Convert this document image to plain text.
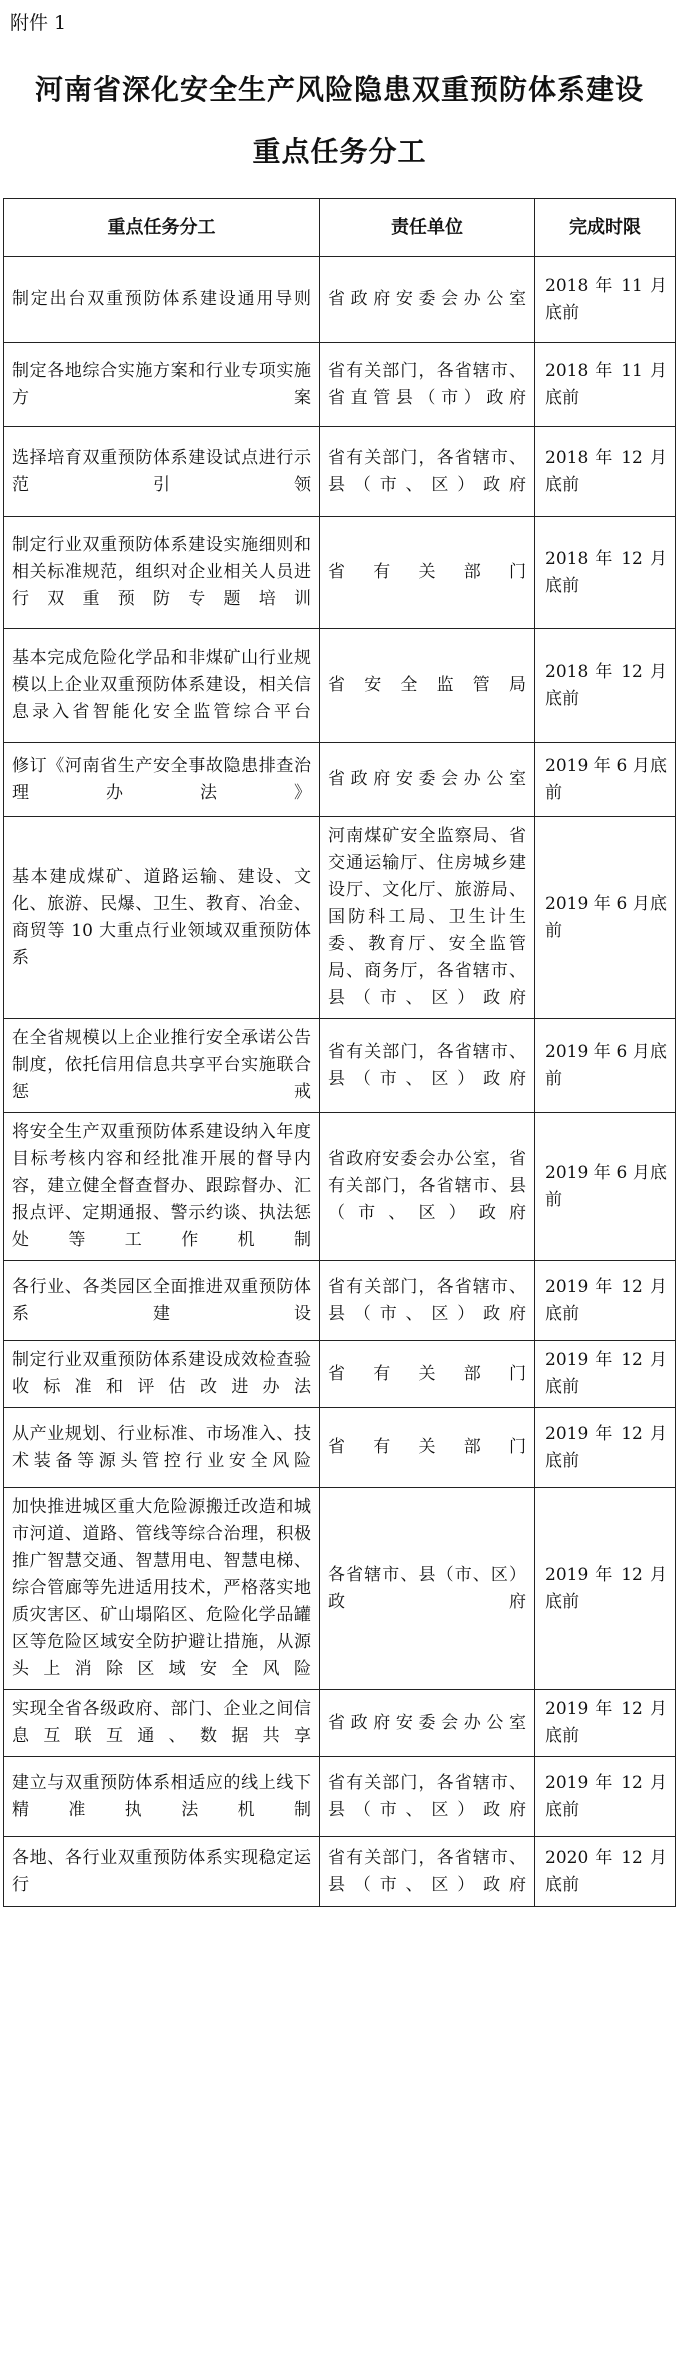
附件 1
河南省深化安全生产风险隐患双重预防体系建设
重点任务分工
重点任务分工	责任单位	完成时限
制定出台双重预防体系建设通用导则	省政府安委会办公室	2018 年 11 月底前
制定各地综合实施方案和行业专项实施方案	省有关部门，各省辖市、省直管县（市）政府	2018 年 11 月底前
选择培育双重预防体系建设试点进行示范引领	省有关部门，各省辖市、县（市、区）政府	2018 年 12 月底前
制定行业双重预防体系建设实施细则和相关标准规范，组织对企业相关人员进行双重预防专题培训	省有关部门	2018 年 12 月底前
基本完成危险化学品和非煤矿山行业规模以上企业双重预防体系建设，相关信息录入省智能化安全监管综合平台	省安全监管局	2018 年 12 月底前
修订《河南省生产安全事故隐患排查治理办法》	省政府安委会办公室	2019 年 6 月底前
基本建成煤矿、道路运输、建设、文化、旅游、民爆、卫生、教育、冶金、商贸等 10 大重点行业领域双重预防体系	河南煤矿安全监察局、省交通运输厅、住房城乡建设厅、文化厅、旅游局、国防科工局、卫生计生委、教育厅、安全监管局、商务厅，各省辖市、县（市、区）政府	2019 年 6 月底前
在全省规模以上企业推行安全承诺公告制度，依托信用信息共享平台实施联合惩戒	省有关部门，各省辖市、县（市、区）政府	2019 年 6 月底前
将安全生产双重预防体系建设纳入年度目标考核内容和经批准开展的督导内容，建立健全督查督办、跟踪督办、汇报点评、定期通报、警示约谈、执法惩处等工作机制	省政府安委会办公室，省有关部门，各省辖市、县（市、区）政府	2019 年 6 月底前
各行业、各类园区全面推进双重预防体系建设	省有关部门，各省辖市、县（市、区）政府	2019 年 12 月底前
制定行业双重预防体系建设成效检查验收标准和评估改进办法	省有关部门	2019 年 12 月底前
从产业规划、行业标准、市场准入、技术装备等源头管控行业安全风险	省有关部门	2019 年 12 月底前
加快推进城区重大危险源搬迁改造和城市河道、道路、管线等综合治理，积极推广智慧交通、智慧用电、智慧电梯、综合管廊等先进适用技术，严格落实地质灾害区、矿山塌陷区、危险化学品罐区等危险区域安全防护避让措施，从源头上消除区域安全风险	各省辖市、县（市、区）政府	2019 年 12 月底前
实现全省各级政府、部门、企业之间信息互联互通、数据共享	省政府安委会办公室	2019 年 12 月底前
建立与双重预防体系相适应的线上线下精准执法机制	省有关部门，各省辖市、县（市、区）政府	2019 年 12 月底前
各地、各行业双重预防体系实现稳定运行	省有关部门，各省辖市、县（市、区）政府	2020 年 12 月底前
